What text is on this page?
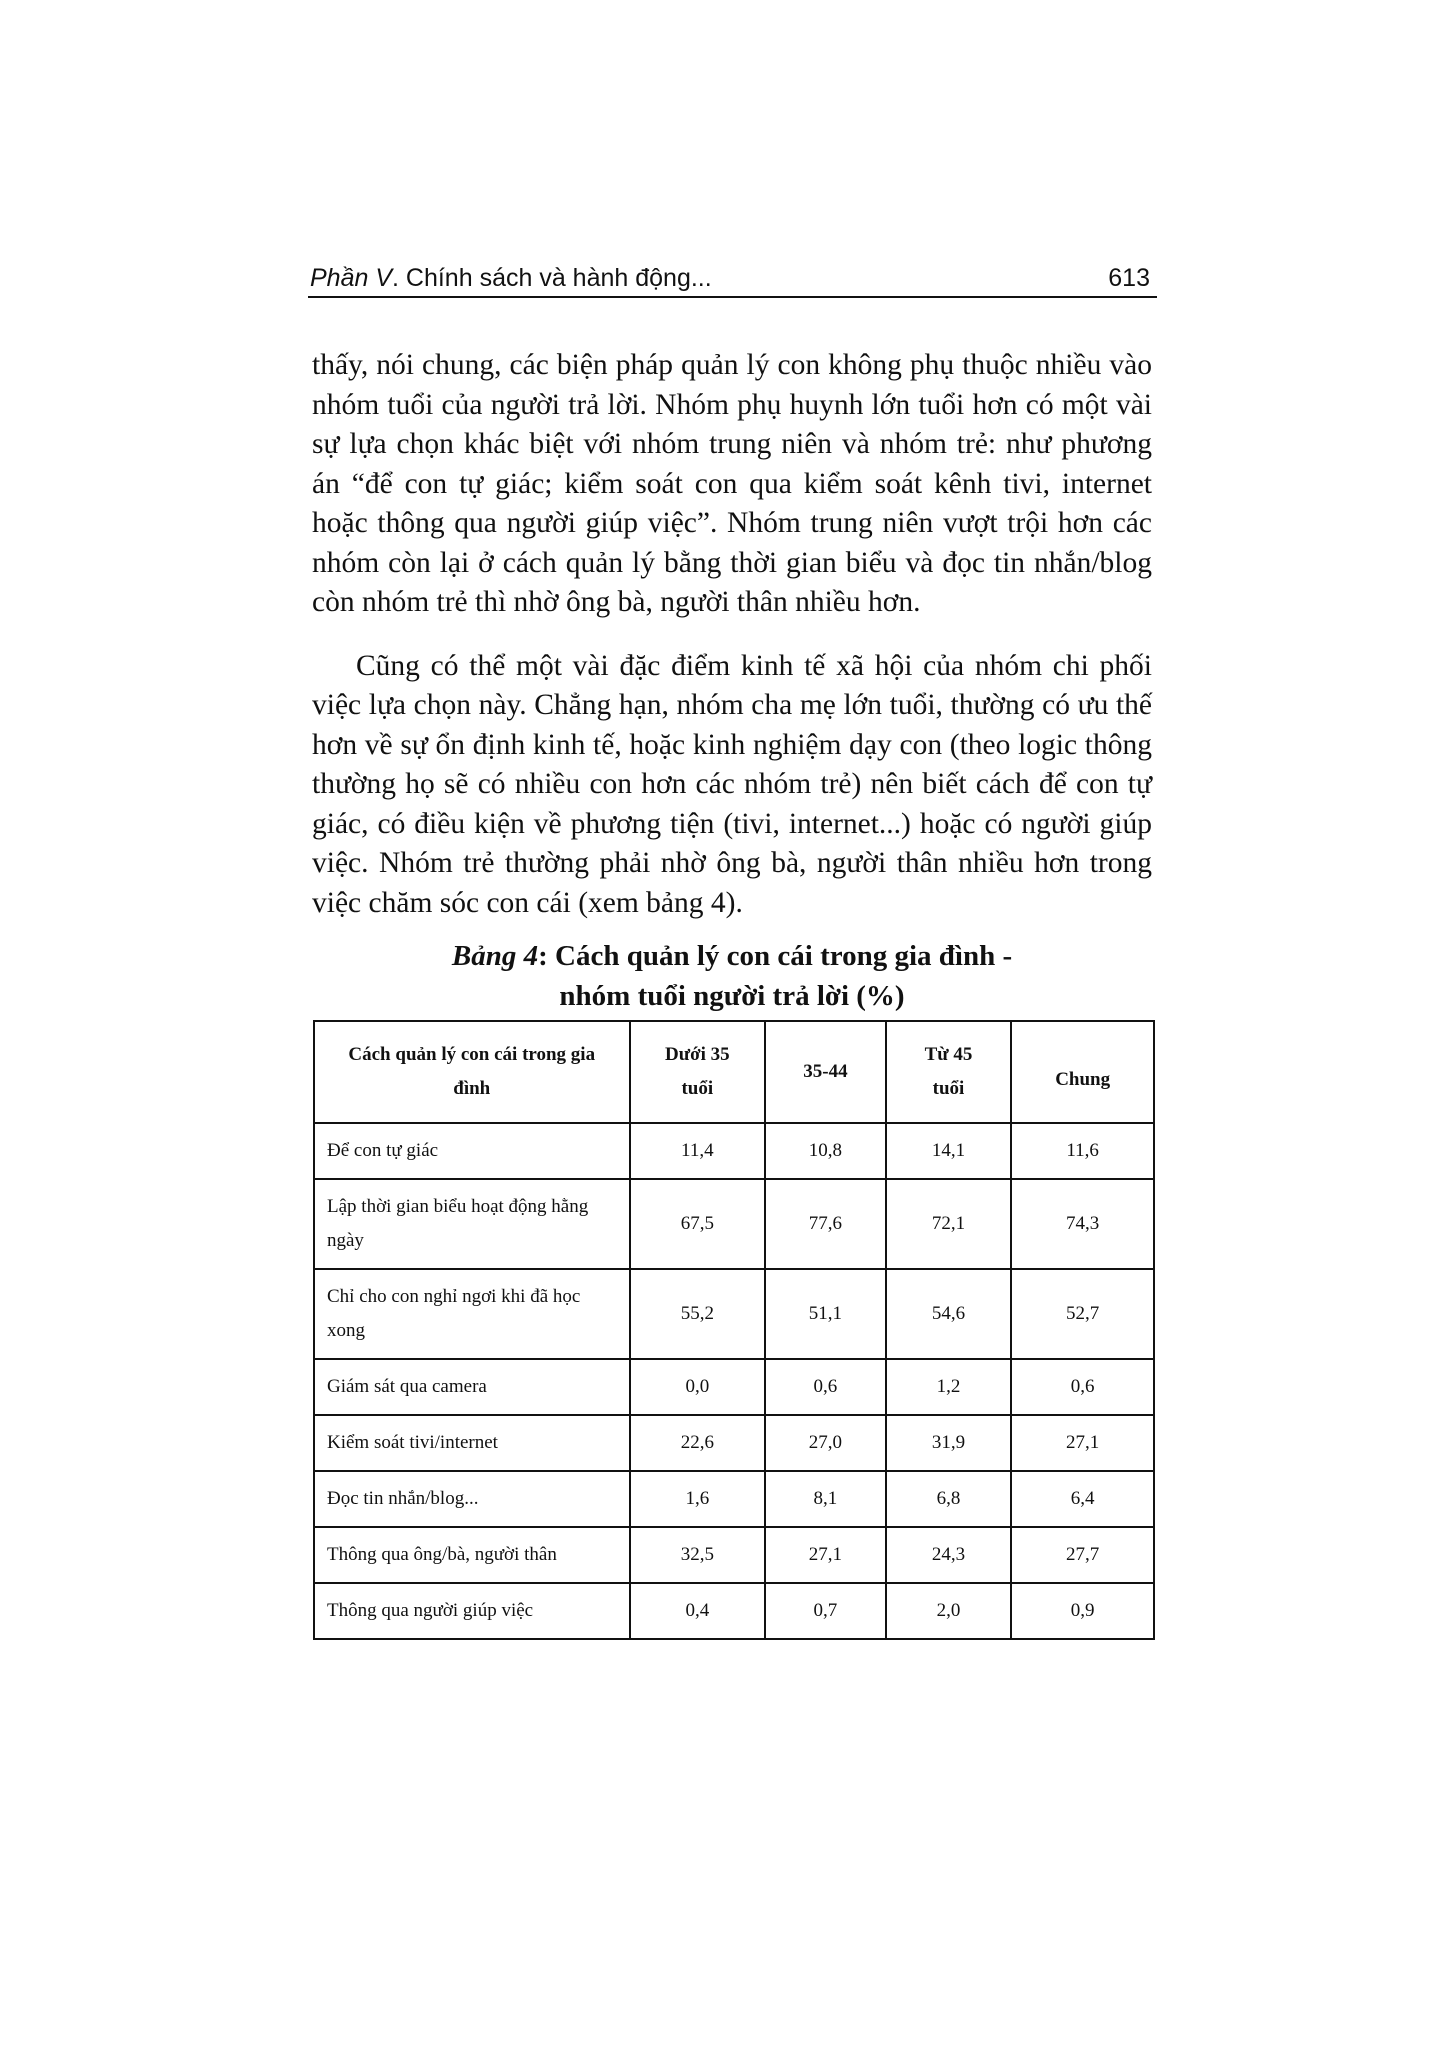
Phần V. Chính sách và hành động...	613

thấy, nói chung, các biện pháp quản lý con không phụ thuộc nhiều vào nhóm tuổi của người trả lời. Nhóm phụ huynh lớn tuổi hơn có một vài sự lựa chọn khác biệt với nhóm trung niên và nhóm trẻ: như phương án “để con tự giác; kiểm soát con qua kiểm soát kênh tivi, internet hoặc thông qua người giúp việc”. Nhóm trung niên vượt trội hơn các nhóm còn lại ở cách quản lý bằng thời gian biểu và đọc tin nhắn/blog còn nhóm trẻ thì nhờ ông bà, người thân nhiều hơn.

Cũng có thể một vài đặc điểm kinh tế xã hội của nhóm chi phối việc lựa chọn này. Chẳng hạn, nhóm cha mẹ lớn tuổi, thường có ưu thế hơn về sự ổn định kinh tế, hoặc kinh nghiệm dạy con (theo logic thông thường họ sẽ có nhiều con hơn các nhóm trẻ) nên biết cách để con tự giác, có điều kiện về phương tiện (tivi, internet...) hoặc có người giúp việc. Nhóm trẻ thường phải nhờ ông bà, người thân nhiều hơn trong việc chăm sóc con cái (xem bảng 4).

Bảng 4: Cách quản lý con cái trong gia đình -
nhóm tuổi người trả lời (%)
Cách quản lý con cái trong gia đình	Dưới 35 tuổi	35-44	Từ 45 tuổi	Chung
Để con tự giác	11,4	10,8	14,1	11,6
Lập thời gian biểu hoạt động hằng ngày	67,5	77,6	72,1	74,3
Chỉ cho con nghỉ ngơi khi đã học xong	55,2	51,1	54,6	52,7
Giám sát qua camera	0,0	0,6	1,2	0,6
Kiểm soát tivi/internet	22,6	27,0	31,9	27,1
Đọc tin nhắn/blog...	1,6	8,1	6,8	6,4
Thông qua ông/bà, người thân	32,5	27,1	24,3	27,7
Thông qua người giúp việc	0,4	0,7	2,0	0,9
